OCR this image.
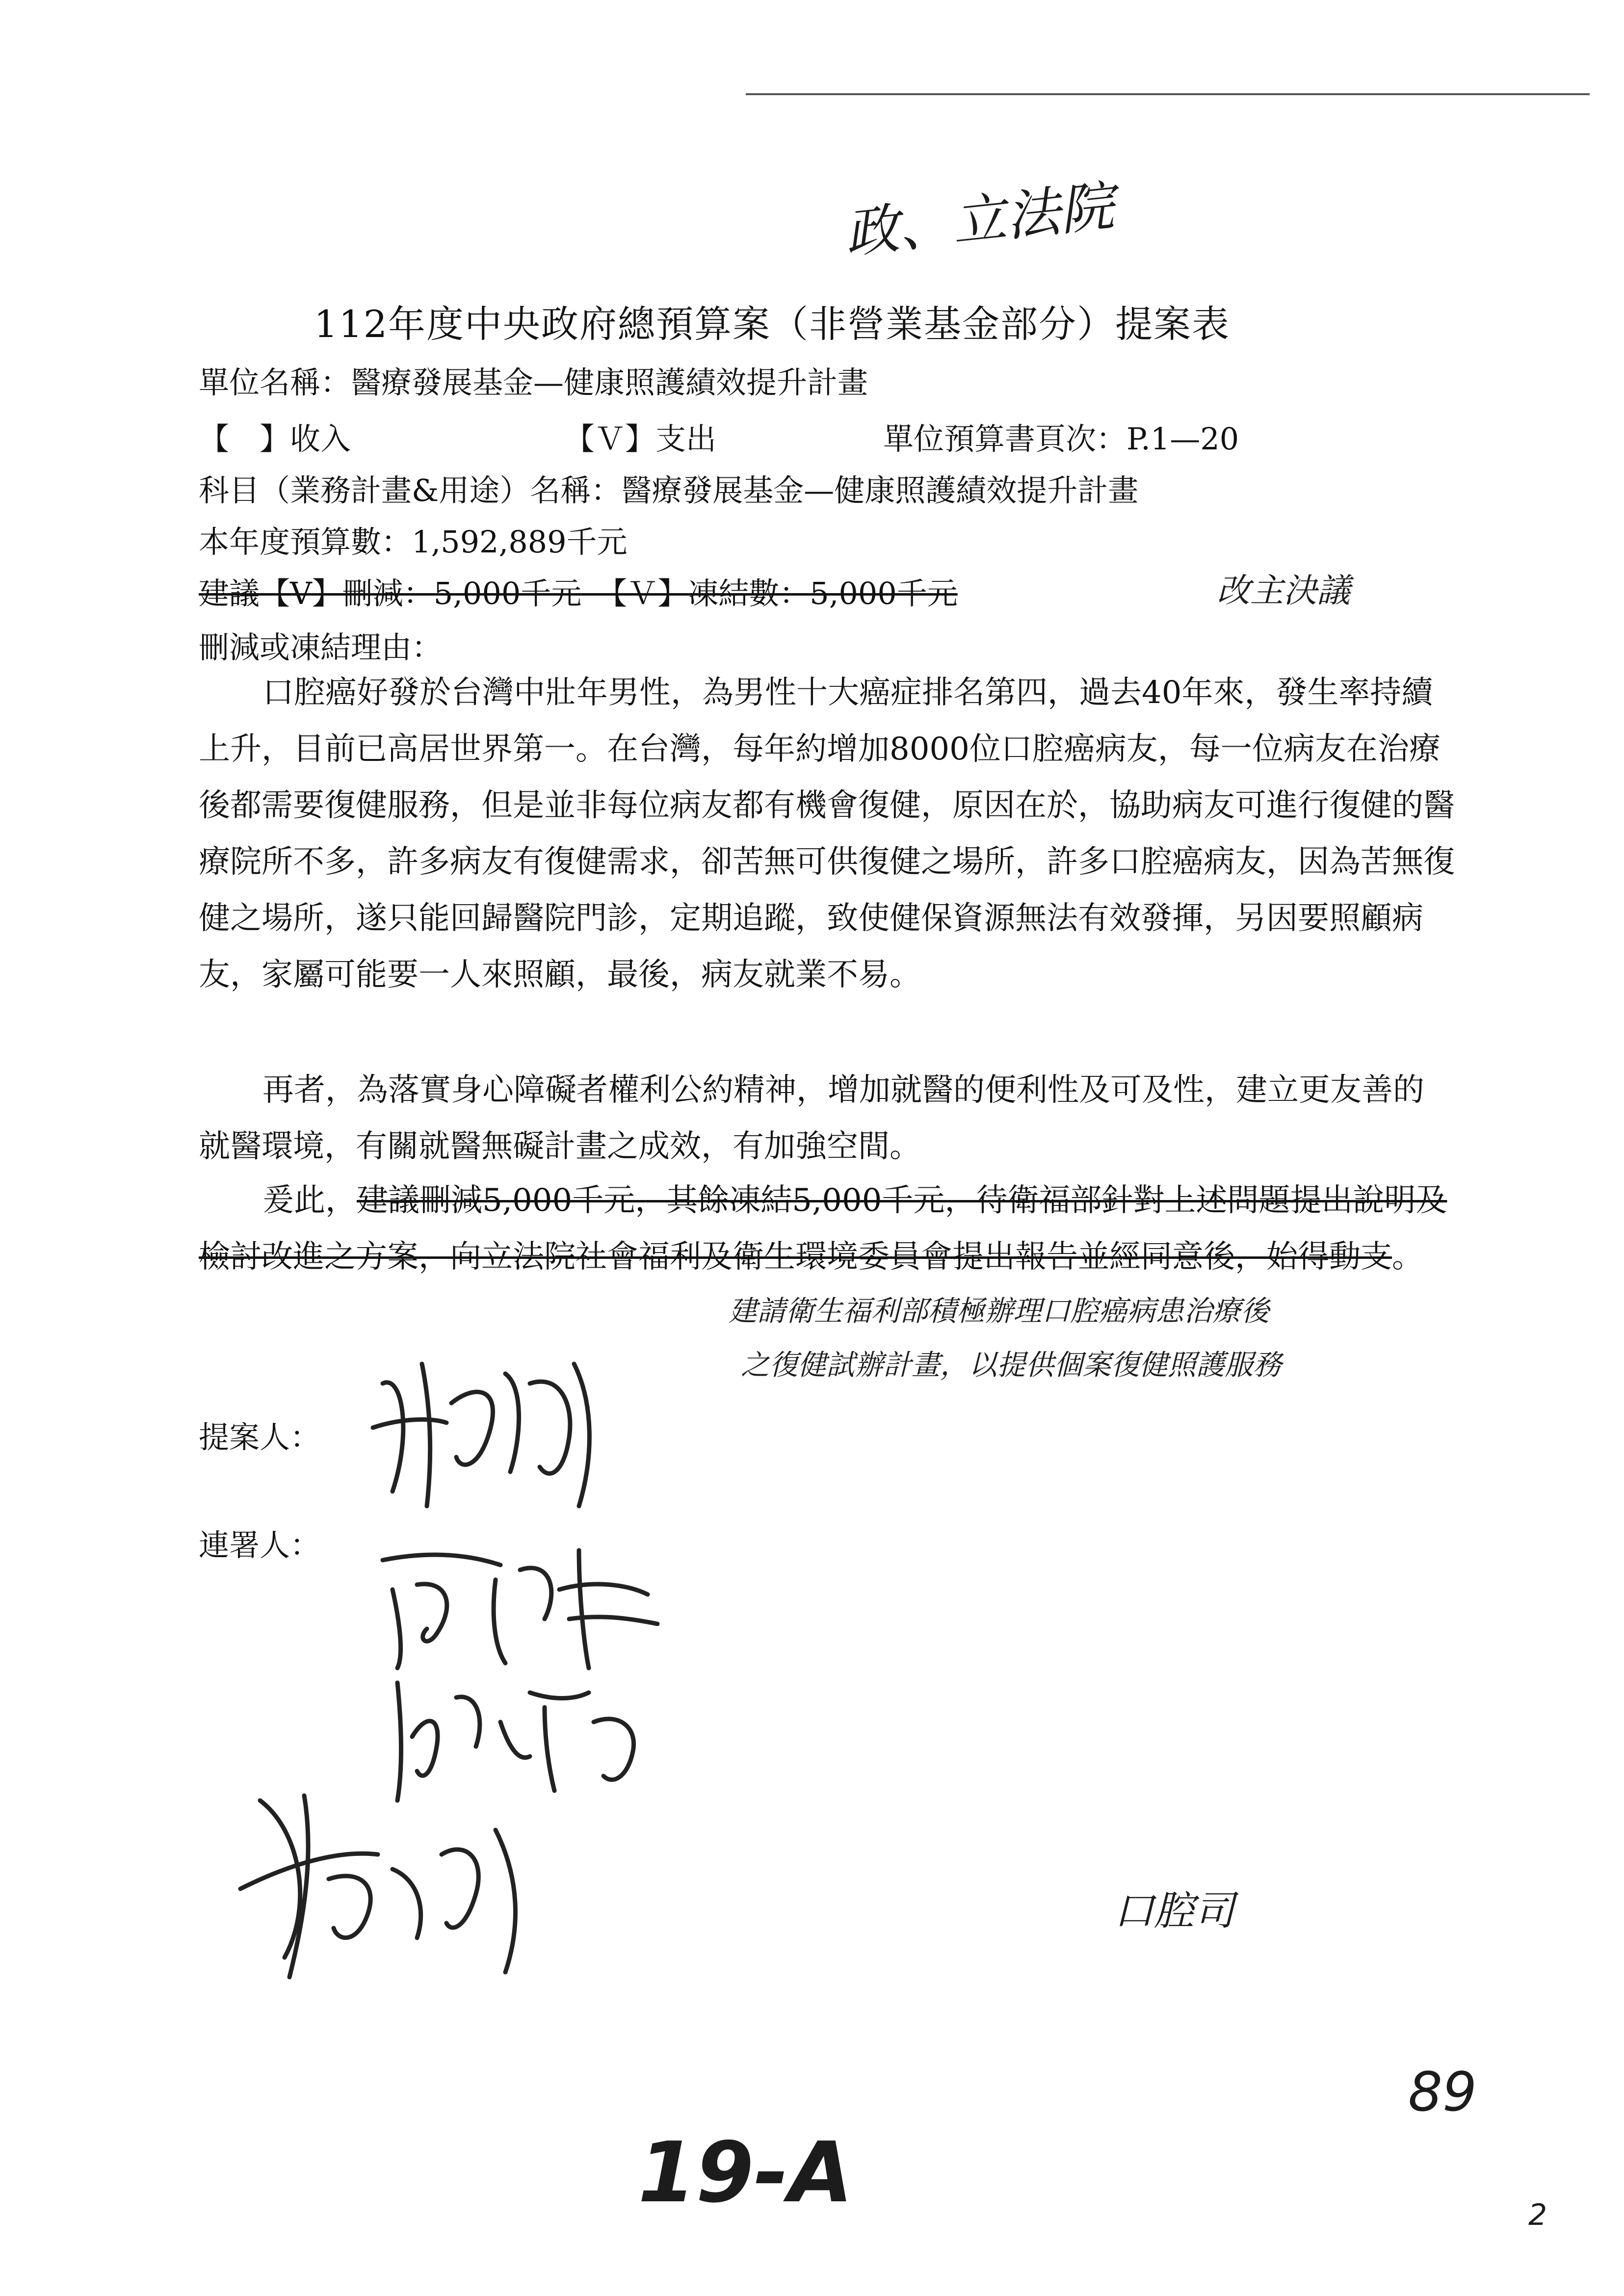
政、立法院
112年度中央政府總預算案（非營業基金部分）提案表
單位名稱：醫療發展基金—健康照護績效提升計畫
【　】收入	【Ｖ】支出	單位預算書頁次：P.1—20
科目（業務計畫&用途）名稱：醫療發展基金—健康照護績效提升計畫
本年度預算數：1,592,889千元
建議【V】刪減：5,000千元　【Ｖ】凍結數：5,000千元	改主決議
刪減或凍結理由：
口腔癌好發於台灣中壯年男性，為男性十大癌症排名第四，過去40年來，發生率持續上升，目前已高居世界第一。在台灣，每年約增加8000位口腔癌病友，每一位病友在治療後都需要復健服務，但是並非每位病友都有機會復健，原因在於，協助病友可進行復健的醫療院所不多，許多病友有復健需求，卻苦無可供復健之場所，許多口腔癌病友，因為苦無復健之場所，遂只能回歸醫院門診，定期追蹤，致使健保資源無法有效發揮，另因要照顧病友，家屬可能要一人來照顧，最後，病友就業不易。
再者，為落實身心障礙者權利公約精神，增加就醫的便利性及可及性，建立更友善的就醫環境，有關就醫無礙計畫之成效，有加強空間。
爰此，建議刪減5,000千元，其餘凍結5,000千元，待衛福部針對上述問題提出說明及檢討改進之方案，向立法院社會福利及衛生環境委員會提出報告並經同意後，始得動支。
建請衛生福利部積極辦理口腔癌病患治療後
之復健試辦計畫，以提供個案復健照護服務
提案人：
連署人：
口腔司
89
19-A	2
